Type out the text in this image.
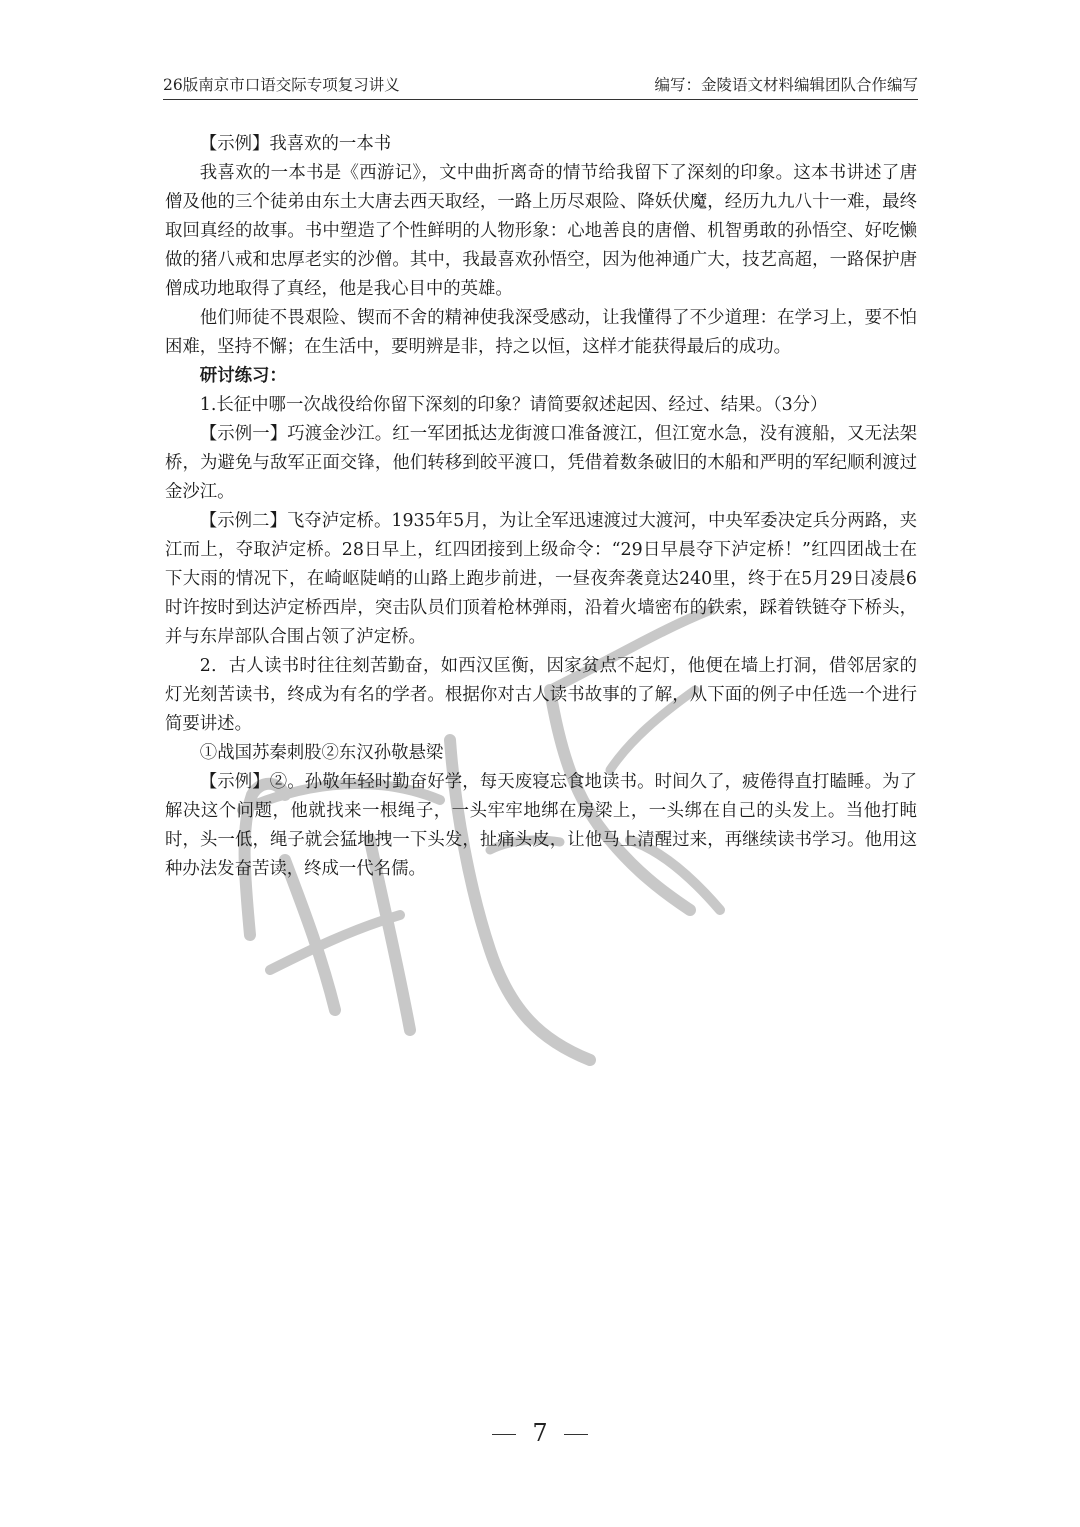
26版南京市口语交际专项复习讲义	编写：金陵语文材料编辑团队合作编写

【示例】我喜欢的一本书

我喜欢的一本书是《西游记》，文中曲折离奇的情节给我留下了深刻的印象。这本书讲述了唐僧及他的三个徒弟由东土大唐去西天取经，一路上历尽艰险、降妖伏魔，经历九九八十一难，最终取回真经的故事。书中塑造了个性鲜明的人物形象：心地善良的唐僧、机智勇敢的孙悟空、好吃懒做的猪八戒和忠厚老实的沙僧。其中，我最喜欢孙悟空，因为他神通广大，技艺高超，一路保护唐僧成功地取得了真经，他是我心目中的英雄。

他们师徒不畏艰险、锲而不舍的精神使我深受感动，让我懂得了不少道理：在学习上，要不怕困难，坚持不懈；在生活中，要明辨是非，持之以恒，这样才能获得最后的成功。

研讨练习：

1.长征中哪一次战役给你留下深刻的印象？请简要叙述起因、经过、结果。（3分）

【示例一】巧渡金沙江。红一军团抵达龙街渡口准备渡江，但江宽水急，没有渡船，又无法架桥，为避免与敌军正面交锋，他们转移到皎平渡口，凭借着数条破旧的木船和严明的军纪顺利渡过金沙江。

【示例二】飞夺泸定桥。1935年5月，为让全军迅速渡过大渡河，中央军委决定兵分两路，夹江而上，夺取泸定桥。28日早上，红四团接到上级命令：“29日早晨夺下泸定桥！”红四团战士在下大雨的情况下，在崎岖陡峭的山路上跑步前进，一昼夜奔袭竟达240里，终于在5月29日凌晨6时许按时到达泸定桥西岸，突击队员们顶着枪林弹雨，沿着火墙密布的铁索，踩着铁链夺下桥头，并与东岸部队合围占领了泸定桥。

2．古人读书时往往刻苦勤奋，如西汉匡衡，因家贫点不起灯，他便在墙上打洞，借邻居家的灯光刻苦读书，终成为有名的学者。根据你对古人读书故事的了解，从下面的例子中任选一个进行简要讲述。

①战国苏秦刺股②东汉孙敬悬梁

【示例】②。孙敬年轻时勤奋好学，每天废寝忘食地读书。时间久了，疲倦得直打瞌睡。为了解决这个问题，他就找来一根绳子，一头牢牢地绑在房梁上，一头绑在自己的头发上。当他打盹时，头一低，绳子就会猛地拽一下头发，扯痛头皮，让他马上清醒过来，再继续读书学习。他用这种办法发奋苦读，终成一代名儒。

7
